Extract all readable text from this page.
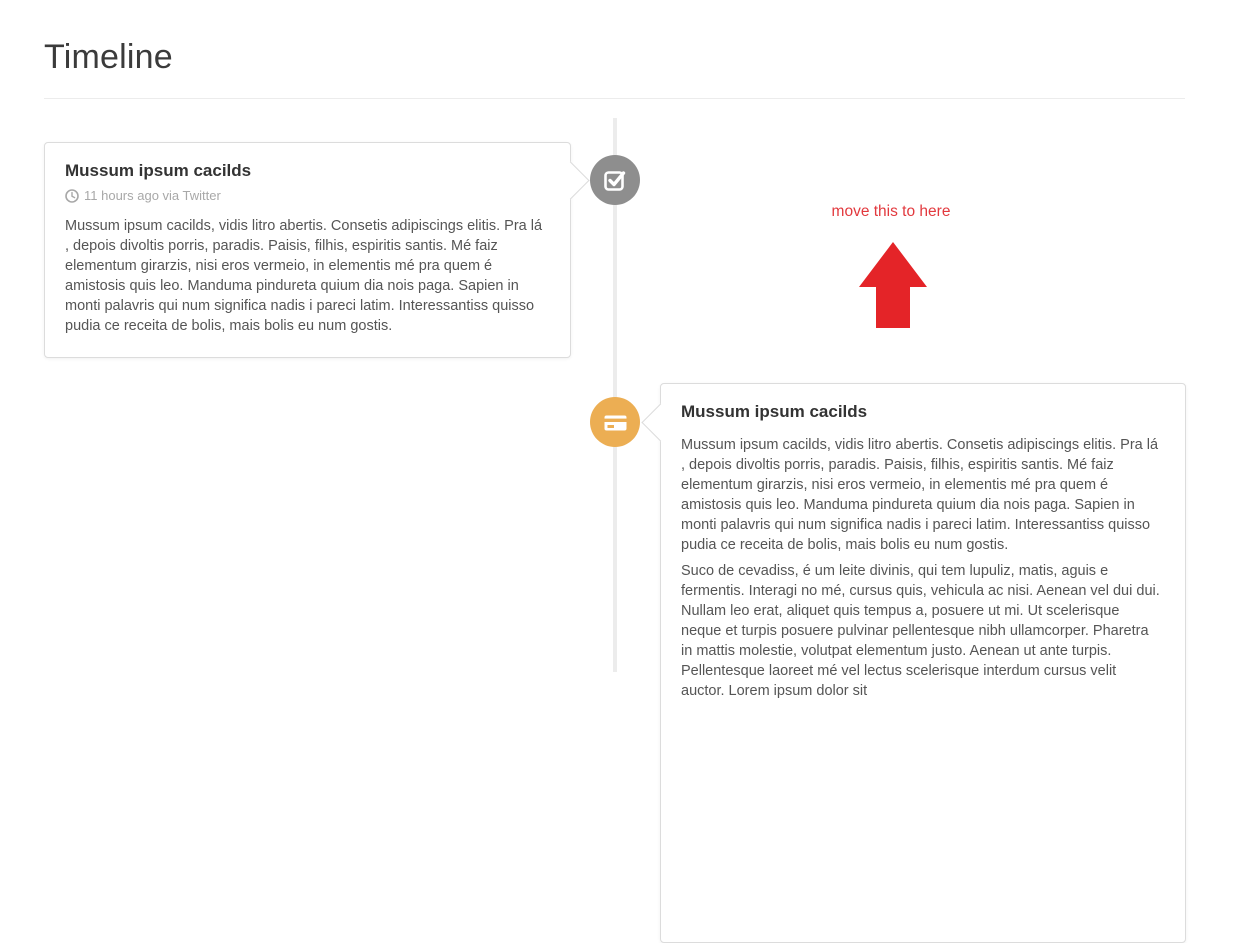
Timeline
Mussum ipsum cacilds
11 hours ago via Twitter

Mussum ipsum cacilds, vidis litro abertis. Consetis adipiscings elitis. Pra lá , depois divoltis porris, paradis. Paisis, filhis, espiritis santis. Mé faiz elementum girarzis, nisi eros vermeio, in elementis mé pra quem é amistosis quis leo. Manduma pindureta quium dia nois paga. Sapien in monti palavris qui num significa nadis i pareci latim. Interessantiss quisso pudia ce receita de bolis, mais bolis eu num gostis.

Mussum ipsum cacilds

Mussum ipsum cacilds, vidis litro abertis. Consetis adipiscings elitis. Pra lá , depois divoltis porris, paradis. Paisis, filhis, espiritis santis. Mé faiz elementum girarzis, nisi eros vermeio, in elementis mé pra quem é amistosis quis leo. Manduma pindureta quium dia nois paga. Sapien in monti palavris qui num significa nadis i pareci latim. Interessantiss quisso pudia ce receita de bolis, mais bolis eu num gostis.

Suco de cevadiss, é um leite divinis, qui tem lupuliz, matis, aguis e fermentis. Interagi no mé, cursus quis, vehicula ac nisi. Aenean vel dui dui. Nullam leo erat, aliquet quis tempus a, posuere ut mi. Ut scelerisque neque et turpis posuere pulvinar pellentesque nibh ullamcorper. Pharetra in mattis molestie, volutpat elementum justo. Aenean ut ante turpis. Pellentesque laoreet mé vel lectus scelerisque interdum cursus velit auctor. Lorem ipsum dolor sit

move this to here
